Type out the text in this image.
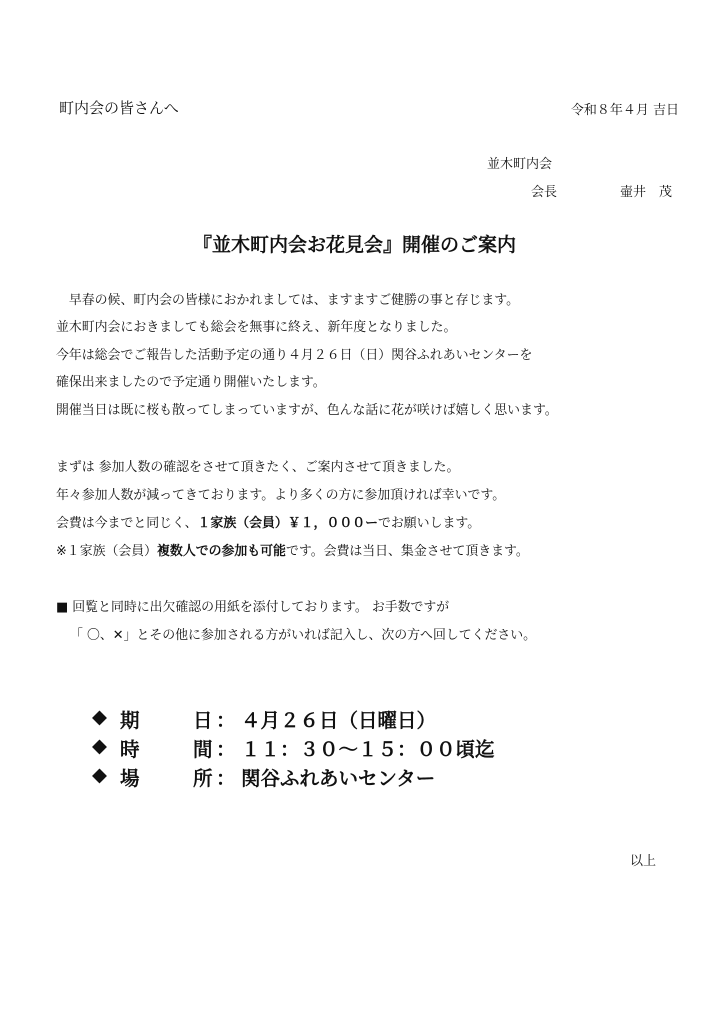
町内会の皆さんへ	令和８年４月 吉日
並木町内会
会長	壷井　茂
『並木町内会お花見会』開催のご案内
　早春の候、町内会の皆様におかれましては、ますますご健勝の事と存じます。
並木町内会におきましても総会を無事に終え、新年度となりました。
今年は総会でご報告した活動予定の通り４月２６日（日）関谷ふれあいセンターを
確保出来ましたので予定通り開催いたします。
開催当日は既に桜も散ってしまっていますが、色んな話に花が咲けば嬉しく思います。
まずは 参加人数の確認をさせて頂きたく、ご案内させて頂きました。
年々参加人数が減ってきております。より多くの方に参加頂ければ幸いです。
会費は今までと同じく、１家族（会員）￥１，０００ーでお願いします。
※１家族（会員）複数人での参加も可能です。会費は当日、集金させて頂きます。
■ 回覧と同時に出欠確認の用紙を添付しております。 お手数ですが
「 〇、✕」とその他に参加される方がいれば記入し、次の方へ回してください。
◆ 期	日 ： ４月２６日（日曜日）
◆ 時	間 ： １１：３０～１５：００頃迄
◆ 場	所 ： 関谷ふれあいセンター
以上
